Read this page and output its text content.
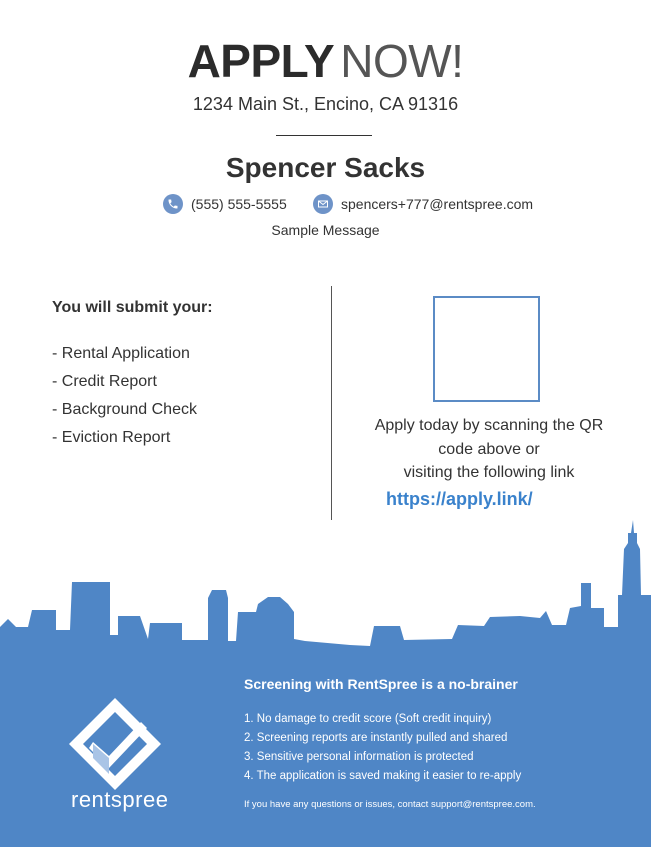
APPLY NOW!
1234 Main St., Encino, CA 91316
Spencer Sacks
(555) 555-5555	spencers+777@rentspree.com
Sample Message
You will submit your:
- Rental Application
- Credit Report
- Background Check
- Eviction Report
Apply today by scanning the QR
code above or
visiting the following link
https://apply.link/
rentspree
Screening with RentSpree is a no-brainer
1. No damage to credit score (Soft credit inquiry)
2. Screening reports are instantly pulled and shared
3. Sensitive personal information is protected
4. The application is saved making it easier to re-apply
If you have any questions or issues, contact support@rentspree.com.
